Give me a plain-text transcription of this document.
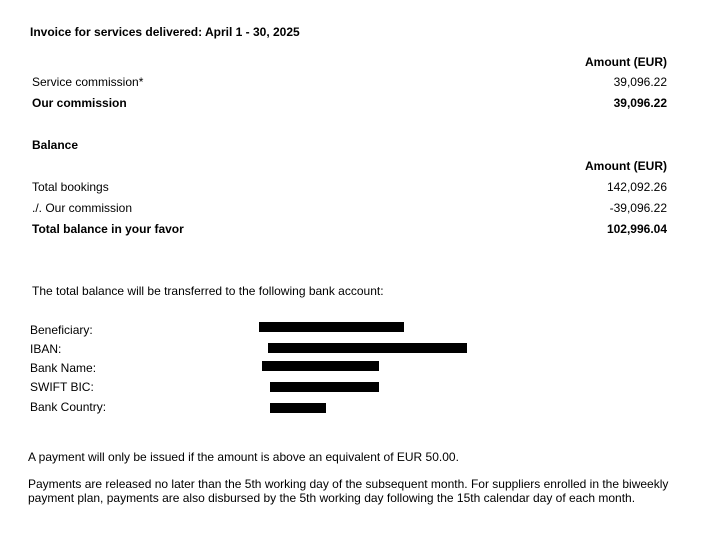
Invoice for services delivered: April 1 - 30, 2025
Amount (EUR)
Service commission*	39,096.22
Our commission	39,096.22
Balance
Amount (EUR)
Total bookings	142,092.26
./. Our commission	-39,096.22
Total balance in your favor	102,996.04
The total balance will be transferred to the following bank account:
Beneficiary:
IBAN:
Bank Name:
SWIFT BIC:
Bank Country:
A payment will only be issued if the amount is above an equivalent of EUR 50.00.
Payments are released no later than the 5th working day of the subsequent month. For suppliers enrolled in the biweekly payment plan, payments are also disbursed by the 5th working day following the 15th calendar day of each month.
